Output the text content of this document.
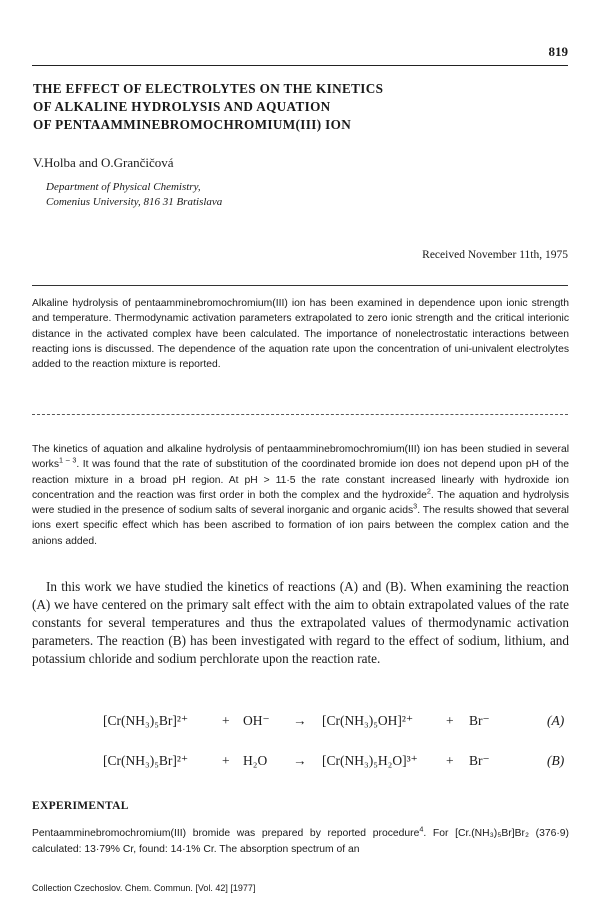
819
THE EFFECT OF ELECTROLYTES ON THE KINETICS
OF ALKALINE HYDROLYSIS AND AQUATION
OF PENTAAMMINEBROMOCHROMIUM(III) ION
V.Holba and O.Grančičová
Department of Physical Chemistry,
Comenius University, 816 31 Bratislava
Received November 11th, 1975
Alkaline hydrolysis of pentaamminebromochromium(III) ion has been examined in dependence upon ionic strength and temperature. Thermodynamic activation parameters extrapolated to zero ionic strength and the critical interionic distance in the activated complex have been calculated. The importance of nonelectrostatic interactions between reacting ions is discussed. The dependence of the aquation rate upon the concentration of uni-univalent electrolytes added to the reaction mixture is reported.
The kinetics of aquation and alkaline hydrolysis of pentaamminebromochromium(III) ion has been studied in several works$^{1 - 3}$. It was found that the rate of substitution of the coordinated bromide ion does not depend upon pH of the reaction mixture in a broad pH region. At pH > 11·5 the rate constant increased linearly with hydroxide ion concentration and the reaction was first order in both the complex and the hydroxide$^2$. The aquation and hydrolysis were studied in the presence of sodium salts of several inorganic and organic acids$^3$. The results showed that several ions exert specific effect which has been ascribed to formation of ion pairs between the complex cation and the anions added.
In this work we have studied the kinetics of reactions (A) and (B). When examining the reaction (A) we have centered on the primary salt effect with the aim to obtain extrapolated values of the rate constants for several temperatures and thus the extrapolated values of thermodynamic activation parameters. The reaction (B) has been investigated with regard to the effect of sodium, lithium, and potassium chloride and sodium perchlorate upon the reaction rate.
[Cr(NH₃)₅Br]²⁺	+ OH⁻ → [Cr(NH₃)₅OH]²⁺ + Br⁻	(A)
[Cr(NH₃)₅Br]²⁺	+ H₂O → [Cr(NH₃)₅H₂O]³⁺ + Br⁻	(B)
EXPERIMENTAL
Pentaamminebromochromium(III) bromide was prepared by reported procedure$^4$. For [Cr.(NH₃)₅Br]Br₂ (376·9) calculated: 13·79% Cr, found: 14·1% Cr. The absorption spectrum of an
Collection Czechoslov. Chem. Commun. [Vol. 42] [1977]
